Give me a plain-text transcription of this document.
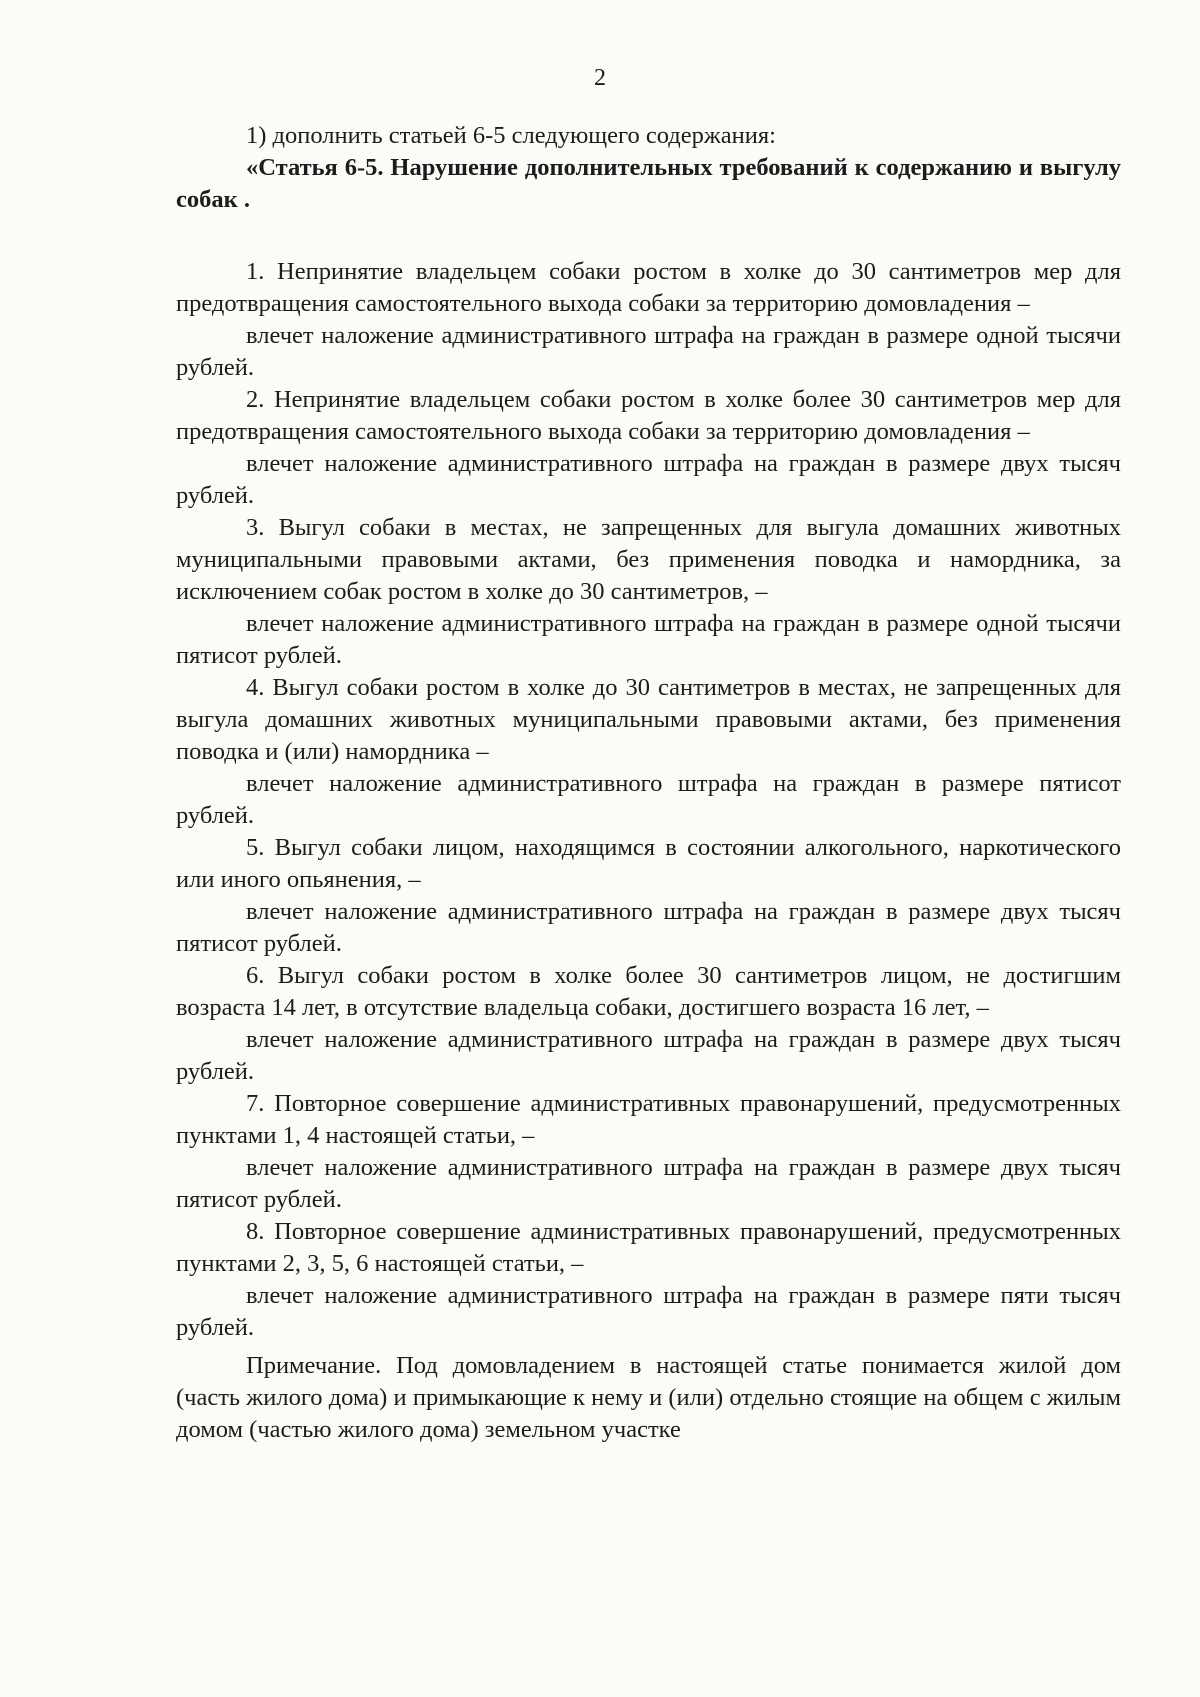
2

1) дополнить статьей 6-5 следующего содержания:

«Статья 6-5. Нарушение дополнительных требований к содержанию и выгулу собак .

1. Непринятие владельцем собаки ростом в холке до 30 сантиметров мер для предотвращения самостоятельного выхода собаки за территорию домовладения –

влечет наложение административного штрафа на граждан в размере одной тысячи рублей.

2. Непринятие владельцем собаки ростом в холке более 30 сантиметров мер для предотвращения самостоятельного выхода собаки за территорию домовладения –

влечет наложение административного штрафа на граждан в размере двух тысяч рублей.

3. Выгул собаки в местах, не запрещенных для выгула домашних животных муниципальными правовыми актами, без применения поводка и намордника, за исключением собак ростом в холке до 30 сантиметров, –

влечет наложение административного штрафа на граждан в размере одной тысячи пятисот рублей.

4. Выгул собаки ростом в холке до 30 сантиметров в местах, не запрещенных для выгула домашних животных муниципальными правовыми актами, без применения поводка и (или) намордника –

влечет наложение административного штрафа на граждан в размере пятисот рублей.

5. Выгул собаки лицом, находящимся в состоянии алкогольного, наркотического или иного опьянения, –

влечет наложение административного штрафа на граждан в размере двух тысяч пятисот рублей.

6. Выгул собаки ростом в холке более 30 сантиметров лицом, не достигшим возраста 14 лет, в отсутствие владельца собаки, достигшего возраста 16 лет, –

влечет наложение административного штрафа на граждан в размере двух тысяч рублей.

7. Повторное совершение административных правонарушений, предусмотренных пунктами 1, 4 настоящей статьи, –

влечет наложение административного штрафа на граждан в размере двух тысяч пятисот рублей.

8. Повторное совершение административных правонарушений, предусмотренных пунктами 2, 3, 5, 6 настоящей статьи, –

влечет наложение административного штрафа на граждан в размере пяти тысяч рублей.

Примечание. Под домовладением в настоящей статье понимается жилой дом (часть жилого дома) и примыкающие к нему и (или) отдельно стоящие на общем с жилым домом (частью жилого дома) земельном участке
